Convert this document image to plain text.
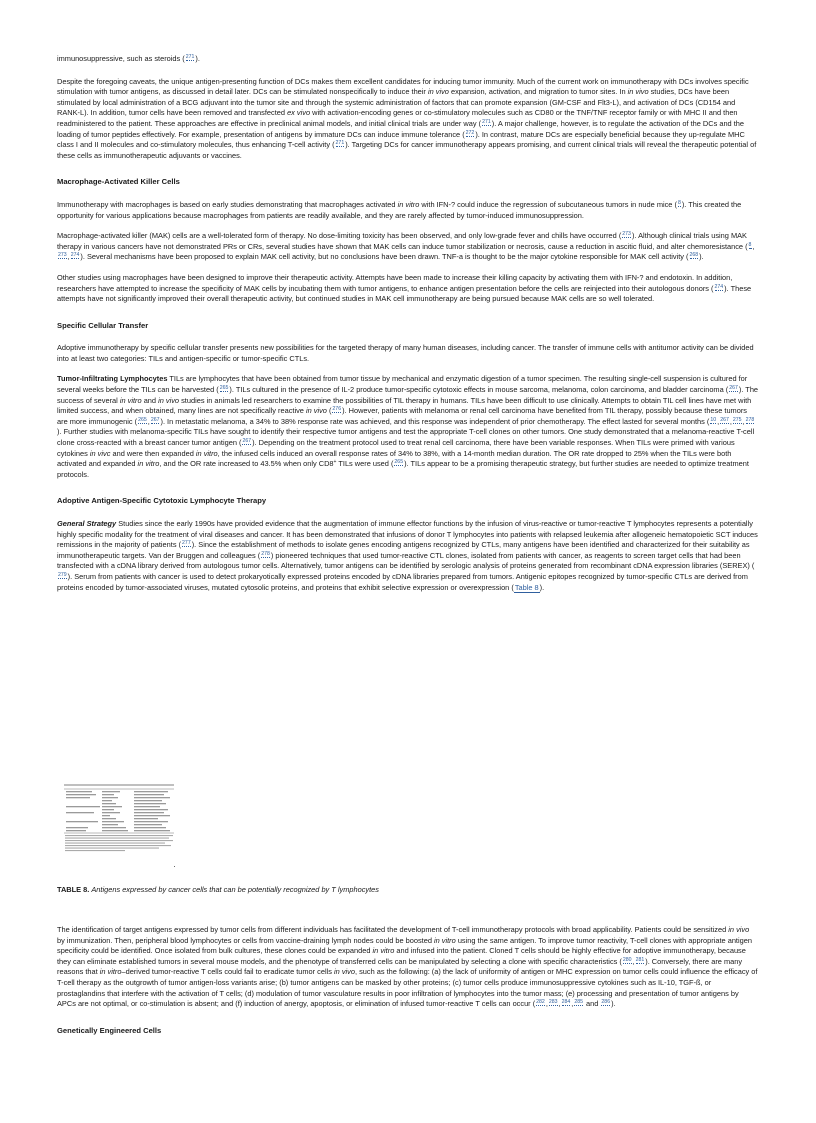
immunosuppressive, such as steroids (271).

Despite the foregoing caveats, the unique antigen-presenting function of DCs makes them excellent candidates for inducing tumor immunity. Much of the current work on immunotherapy with DCs involves specific stimulation with tumor antigens, as discussed in detail later. DCs can be stimulated nonspecifically to induce their in vivo expansion, activation, and migration to tumor sites. In in vivo studies, DCs have been stimulated by local administration of a BCG adjuvant into the tumor site and through the systemic administration of factors that can promote expansion (GM-CSF and Flt3-L), and activation of DCs (CD154 and RANK-L). In addition, tumor cells have been removed and transfected ex vivo with activation-encoding genes or co-stimulatory molecules such as CD80 or the TNF/TNF receptor family or with MHC II and then readministered to the patient. These approaches are effective in preclinical animal models, and initial clinical trials are under way (271). A major challenge, however, is to regulate the activation of the DCs and the loading of tumor peptides effectively. For example, presentation of antigens by immature DCs can induce immune tolerance (272). In contrast, mature DCs are especially beneficial because they up-regulate MHC class I and II molecules and co-stimulatory molecules, thus enhancing T-cell activity (271). Targeting DCs for cancer immunotherapy appears promising, and current clinical trials will reveal the therapeutic potential of these cells as immunotherapeutic adjuvants or vaccines.

Macrophage-Activated Killer Cells

Immunotherapy with macrophages is based on early studies demonstrating that macrophages activated in vitro with IFN-? could induce the regression of subcutaneous tumors in nude mice (8). This created the opportunity for various applications because macrophages from patients are readily available, and they are rarely affected by tumor-induced immunosuppression.

Macrophage-activated killer (MAK) cells are a well-tolerated form of therapy. No dose-limiting toxicity has been observed, and only low-grade fever and chills have occurred (273). Although clinical trials using MAK therapy in various cancers have not demonstrated PRs or CRs, several studies have shown that MAK cells can induce tumor stabilization or necrosis, cause a reduction in ascitic fluid, and alter chemoresistance (8,273,274). Several mechanisms have been proposed to explain MAK cell activity, but no conclusions have been drawn. TNF-a is thought to be the major cytokine responsible for MAK cell activity (268).

Other studies using macrophages have been designed to improve their therapeutic activity. Attempts have been made to increase their killing capacity by activating them with IFN-? and endotoxin. In addition, researchers have attempted to increase the specificity of MAK cells by incubating them with tumor antigens, to enhance antigen presentation before the cells are reinjected into their autologous donors (274). These attempts have not significantly improved their overall therapeutic activity, but continued studies in MAK cell immunotherapy are being pursued because MAK cells are so well tolerated.

Specific Cellular Transfer

Adoptive immunotherapy by specific cellular transfer presents new possibilities for the targeted therapy of many human diseases, including cancer. The transfer of immune cells with antitumor activity can be divided into at least two categories: TILs and antigen-specific or tumor-specific CTLs.

Tumor-Infiltrating Lymphocytes TILs are lymphocytes that have been obtained from tumor tissue by mechanical and enzymatic digestion of a tumor specimen. The resulting single-cell suspension is cultured for several weeks before the TILs can be harvested (265). TILs cultured in the presence of IL-2 produce tumor-specific cytotoxic effects in mouse sarcoma, melanoma, colon carcinoma, and bladder carcinoma (267). The success of several in vitro and in vivo studies in animals led researchers to examine the possibilities of TIL therapy in humans. TILs have been difficult to use clinically. Attempts to obtain TIL cell lines have met with limited success, and when obtained, many lines are not specifically reactive in vivo (276). However, patients with melanoma or renal cell carcinoma have benefited from TIL therapy, possibly because these tumors are more immunogenic (265,267). In metastatic melanoma, a 34% to 38% response rate was achieved, and this response was independent of prior chemotherapy. The effect lasted for several months (10,267,275,278). Further studies with melanoma-specific TILs have sought to identify their respective tumor antigens and test the appropriate T-cell clones on other tumors. One study demonstrated that a melanoma-reactive T-cell clone cross-reacted with a breast cancer tumor antigen (267). Depending on the treatment protocol used to treat renal cell carcinoma, there have been variable responses. When TILs were primed with various cytokines in vivc and were then expanded in vitro, the infused cells induced an overall response rates of 34% to 38%, with a 14-month median duration. The OR rate dropped to 25% when the TILs were both activated and expanded in vitro, and the OR rate increased to 43.5% when only CD8+ TILs were used (265). TILs appear to be a promising therapeutic strategy, but further studies are needed to optimize treatment protocols.

Adoptive Antigen-Specific Cytotoxic Lymphocyte Therapy

General Strategy Studies since the early 1990s have provided evidence that the augmentation of immune effector functions by the infusion of virus-reactive or tumor-reactive T lymphocytes represents a potentially highly specific modality for the treatment of viral diseases and cancer. It has been demonstrated that infusions of donor T lymphocytes into patients with relapsed leukemia after allogeneic hematopoietic SCT induces remissions in the majority of patients (277). Since the establishment of methods to isolate genes encoding antigens recognized by CTLs, many antigens have been identified and characterized for their suitability as immunotherapeutic targets. Van der Bruggen and colleagues (278) pioneered techniques that used tumor-reactive CTL clones, isolated from patients with cancer, as reagents to screen target cells that had been transfected with a cDNA library derived from autologous tumor cells. Alternatively, tumor antigens can be identified by serologic analysis of proteins generated from recombinant cDNA expression libraries (SEREX) (279). Serum from patients with cancer is used to detect prokaryotically expressed proteins encoded by cDNA libraries prepared from tumors. Antigenic epitopes recognized by tumor-specific CTLs are derived from proteins encoded by tumor-associated viruses, mutated cytosolic proteins, and proteins that exhibit selective expression or overexpression (Table 8).

TABLE 8. Antigens expressed by cancer cells that can be potentially recognized by T lymphocytes

The identification of target antigens expressed by tumor cells from different individuals has facilitated the development of T-cell immunotherapy protocols with broad applicability. Patients could be sensitized in vivo by immunization. Then, peripheral blood lymphocytes or cells from vaccine-draining lymph nodes could be boosted in vitro using the same antigen. To improve tumor reactivity, T-cell clones with appropriate antigen specificity could be identified. Once isolated from bulk cultures, these clones could be expanded in vitro and infused into the patient. Cloned T cells should be highly effective for adoptive immunotherapy, because they can eliminate established tumors in several mouse models, and the phenotype of transferred cells can be manipulated by selecting a clone with specific characteristics (280,281). Conversely, there are many reasons that in vitro–derived tumor-reactive T cells could fail to eradicate tumor cells in vivo, such as the following: (a) the lack of uniformity of antigen or MHC expression on tumor cells could influence the efficacy of T-cell therapy as the outgrowth of tumor antigen-loss variants arise; (b) tumor antigens can be masked by other proteins; (c) tumor cells produce immunosuppressive cytokines such as IL-10, TGF-ß, or prostaglandins that interfere with the activation of T cells; (d) modulation of tumor vasculature results in poor infiltration of lymphocytes into the tumor mass; (e) processing and presentation of tumor antigens by APCs are not optimal, or co-stimulation is absent; and (f) induction of anergy, apoptosis, or elimination of infused tumor-reactive T cells can occur (282,283,284,285 and 286).

Genetically Engineered Cells
